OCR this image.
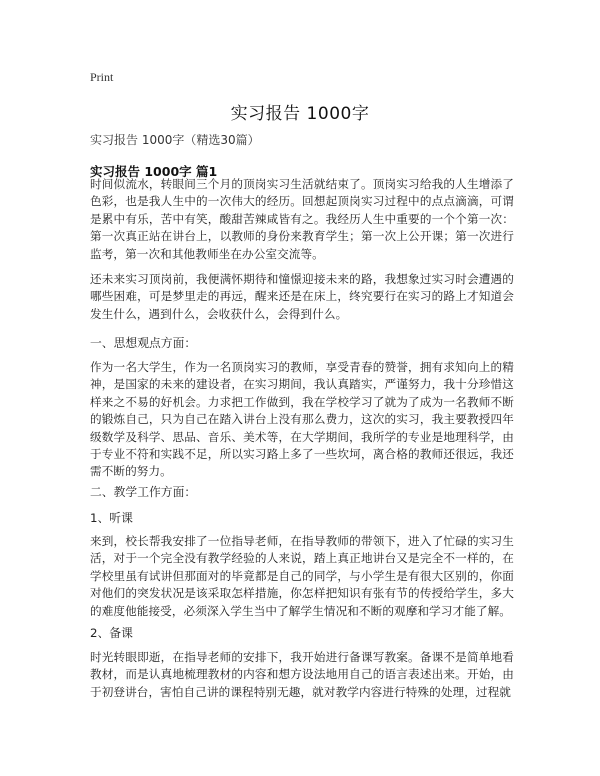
Print
实习报告 1000字
实习报告 1000字（精选30篇）
实习报告 1000字 篇1

时间似流水，转眼间三个月的顶岗实习生活就结束了。顶岗实习给我的人生增添了色彩，也是我人生中的一次伟大的经历。回想起顶岗实习过程中的点点滴滴，可谓是累中有乐，苦中有笑，酸甜苦辣咸皆有之。我经历人生中重要的一个个第一次：第一次真正站在讲台上，以教师的身份来教育学生；第一次上公开课；第一次进行监考，第一次和其他教师坐在办公室交流等。

还未来实习顶岗前，我便满怀期待和憧憬迎接未来的路，我想象过实习时会遭遇的哪些困难，可是梦里走的再远，醒来还是在床上，终究要行在实习的路上才知道会发生什么，遇到什么，会收获什么，会得到什么。

一、思想观点方面：

作为一名大学生，作为一名顶岗实习的教师，享受青春的赞誉，拥有求知向上的精神，是国家的未来的建设者，在实习期间，我认真踏实，严谨努力，我十分珍惜这样来之不易的好机会。力求把工作做到，我在学校学习了就为了成为一名教师不断的锻炼自己，只为自己在踏入讲台上没有那么费力，这次的实习，我主要教授四年级数学及科学、思品、音乐、美术等，在大学期间，我所学的专业是地理科学，由于专业不符和实践不足，所以实习路上多了一些坎坷，离合格的教师还很远，我还需不断的努力。

二、教学工作方面：
1、听课

来到，校长帮我安排了一位指导老师，在指导教师的带领下，进入了忙碌的实习生活，对于一个完全没有教学经验的人来说，踏上真正地讲台又是完全不一样的，在学校里虽有试讲但那面对的毕竟都是自己的同学，与小学生是有很大区别的，你面对他们的突发状况是该采取怎样措施，你怎样把知识有张有节的传授给学生，多大的难度他能接受，必须深入学生当中了解学生情况和不断的观摩和学习才能了解。

2、备课

时光转眼即逝，在指导老师的安排下，我开始进行备课写教案。备课不是简单地看教材，而是认真地梳理教材的内容和想方设法地用自己的语言表述出来。开始，由于初登讲台，害怕自己讲的课程特别无趣，就对教学内容进行特殊的处理，过程就
